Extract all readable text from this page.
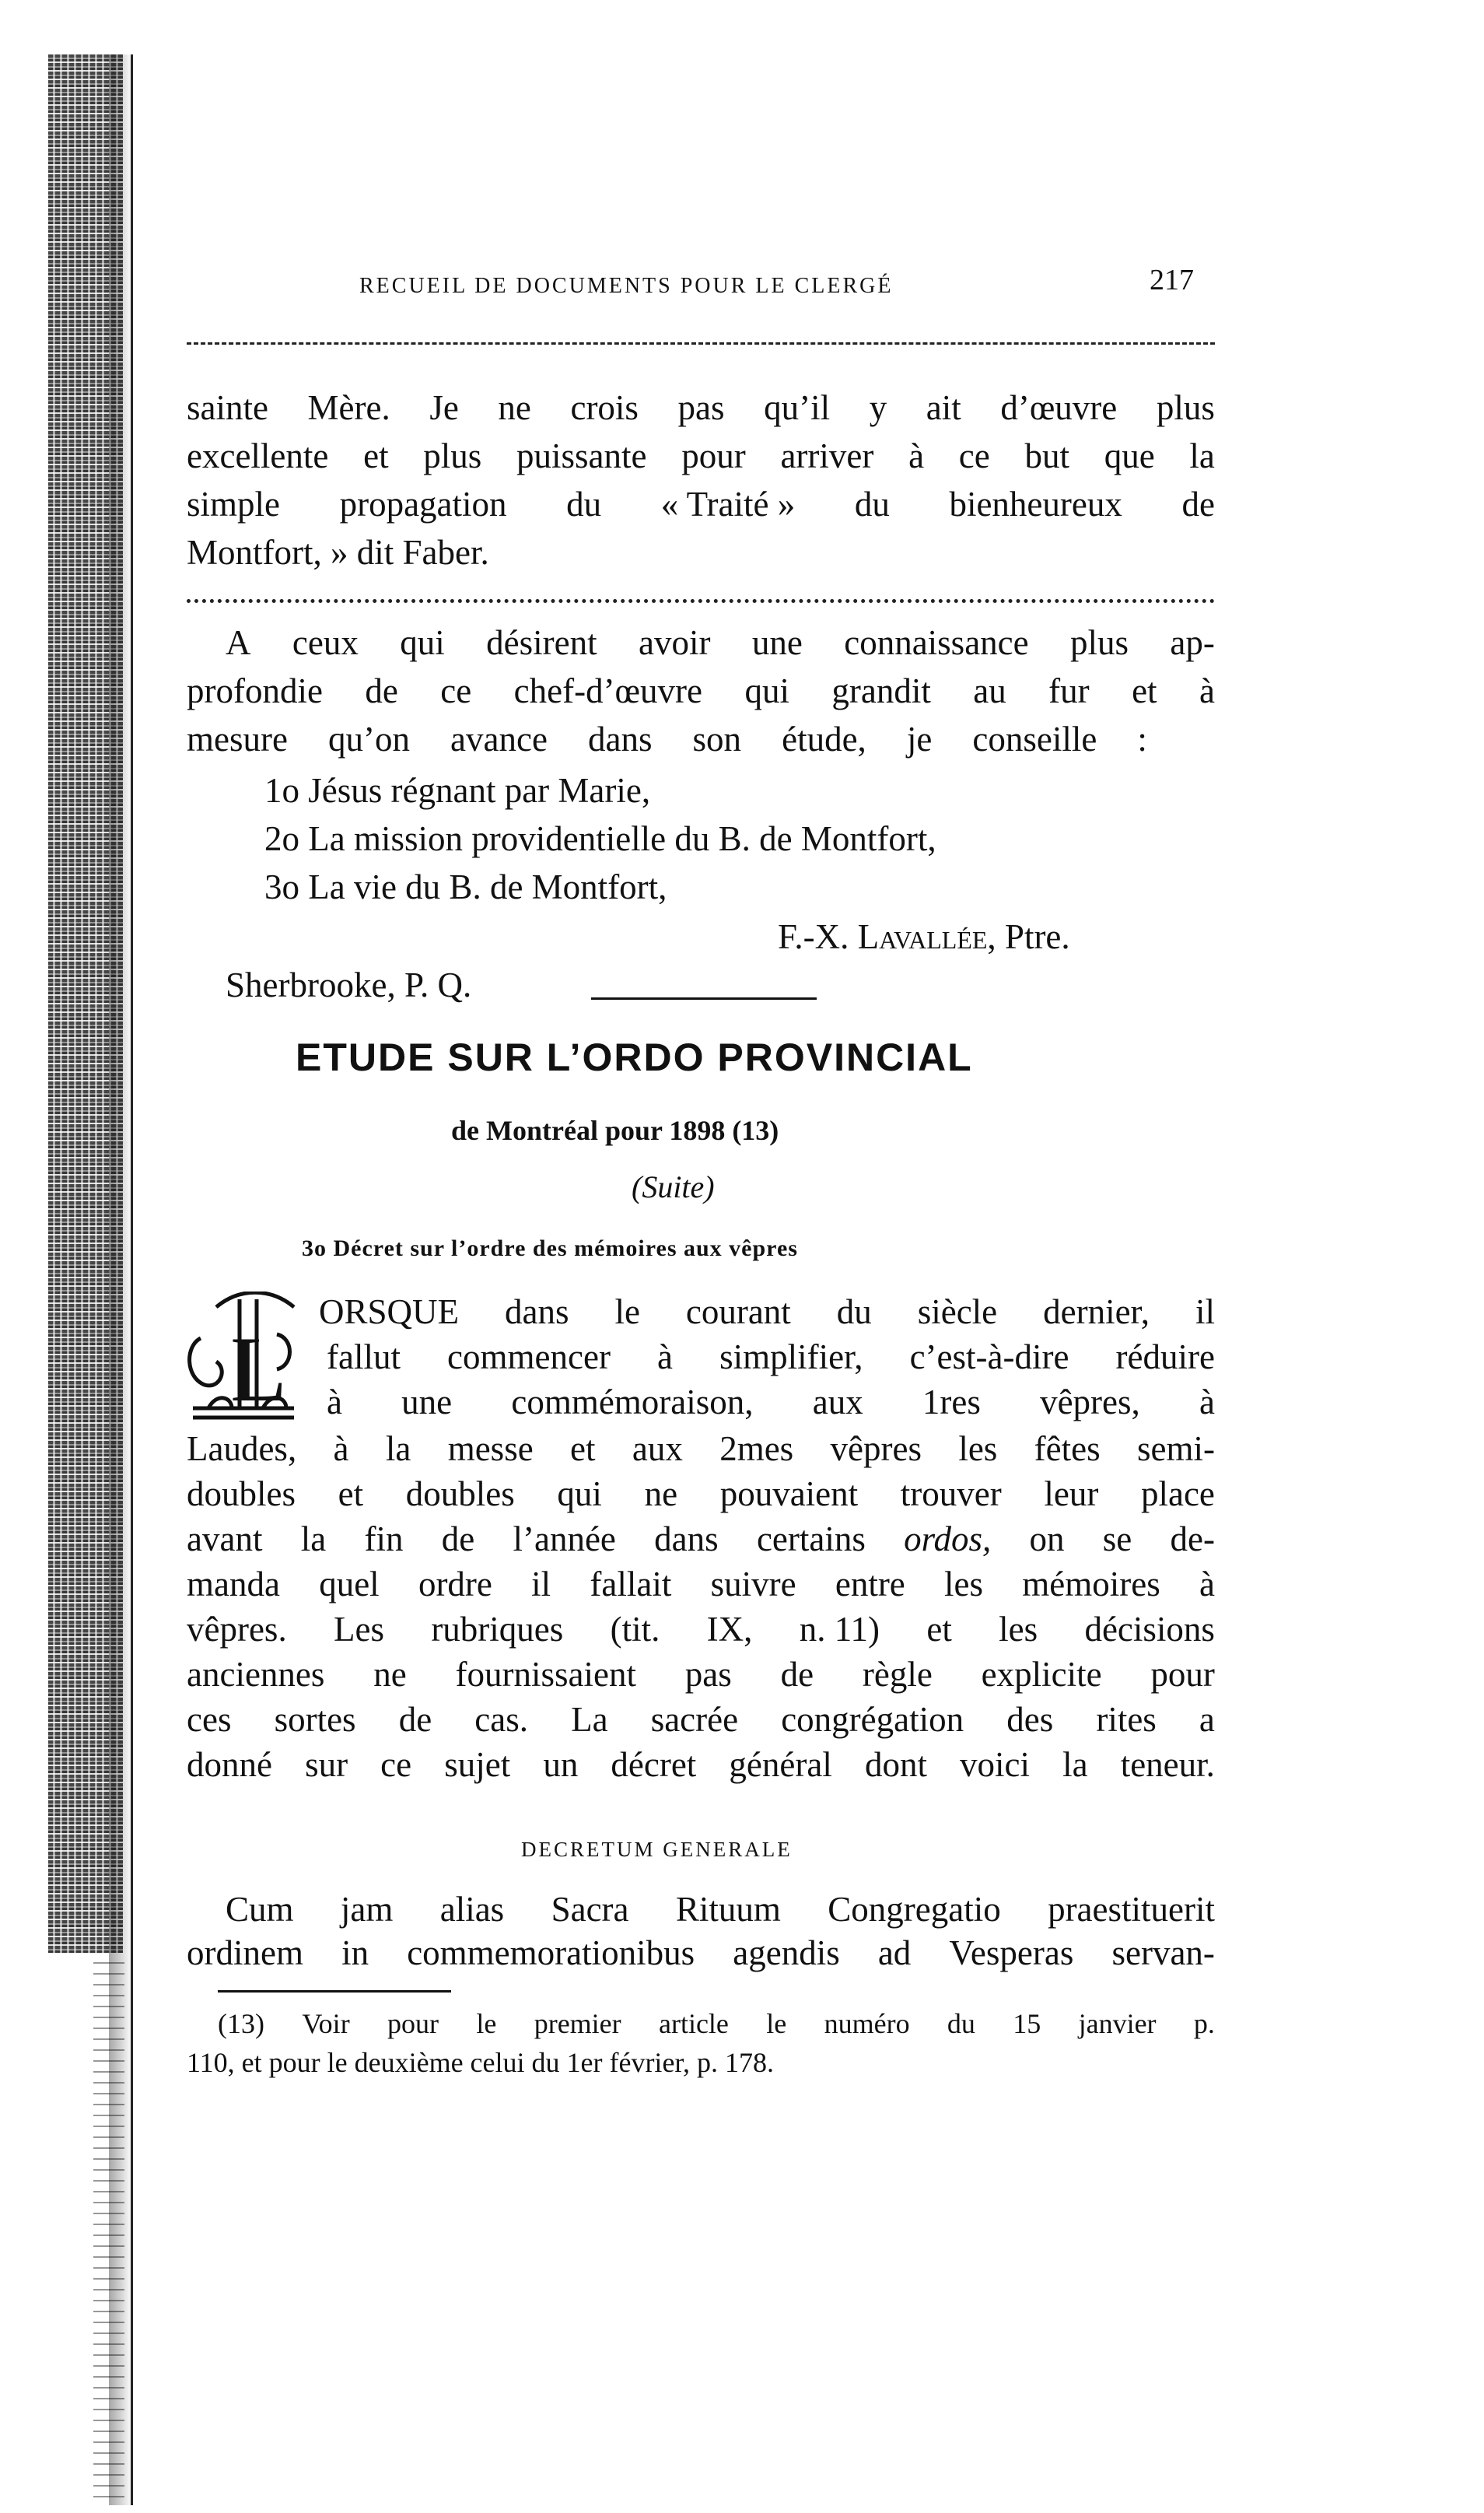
RECUEIL DE DOCUMENTS POUR LE CLERGÉ	217
sainte Mère. Je ne crois pas qu’il y ait d’œuvre plus
excellente et plus puissante pour arriver à ce but que la
simple propagation du « Traité » du bienheureux de
Montfort, » dit Faber.
A ceux qui désirent avoir une connaissance plus ap-
profondie de ce chef-d’œuvre qui grandit au fur et à
mesure qu’on avance dans son étude, je conseille :
1o Jésus régnant par Marie,
2o La mission providentielle du B. de Montfort,
3o La vie du B. de Montfort,
F.-X. Lavallée, Ptre.
Sherbrooke, P. Q.
ETUDE SUR L’ORDO PROVINCIAL
de Montréal pour 1898 (13)
(Suite)
3o Décret sur l’ordre des mémoires aux vêpres
L
ORSQUE dans le courant du siècle dernier, il
fallut commencer à simplifier, c’est-à-dire réduire
à une commémoraison, aux 1res vêpres, à
Laudes, à la messe et aux 2mes vêpres les fêtes semi-
doubles et doubles qui ne pouvaient trouver leur place
avant la fin de l’année dans certains ordos, on se de-
manda quel ordre il fallait suivre entre les mémoires à
vêpres. Les rubriques (tit. IX, n. 11) et les décisions
anciennes ne fournissaient pas de règle explicite pour
ces sortes de cas. La sacrée congrégation des rites a
donné sur ce sujet un décret général dont voici la teneur.
DECRETUM GENERALE
Cum jam alias Sacra Rituum Congregatio praestituerit
ordinem in commemorationibus agendis ad Vesperas servan-
(13) Voir pour le premier article le numéro du 15 janvier p.
110, et pour le deuxième celui du 1er février, p. 178.
